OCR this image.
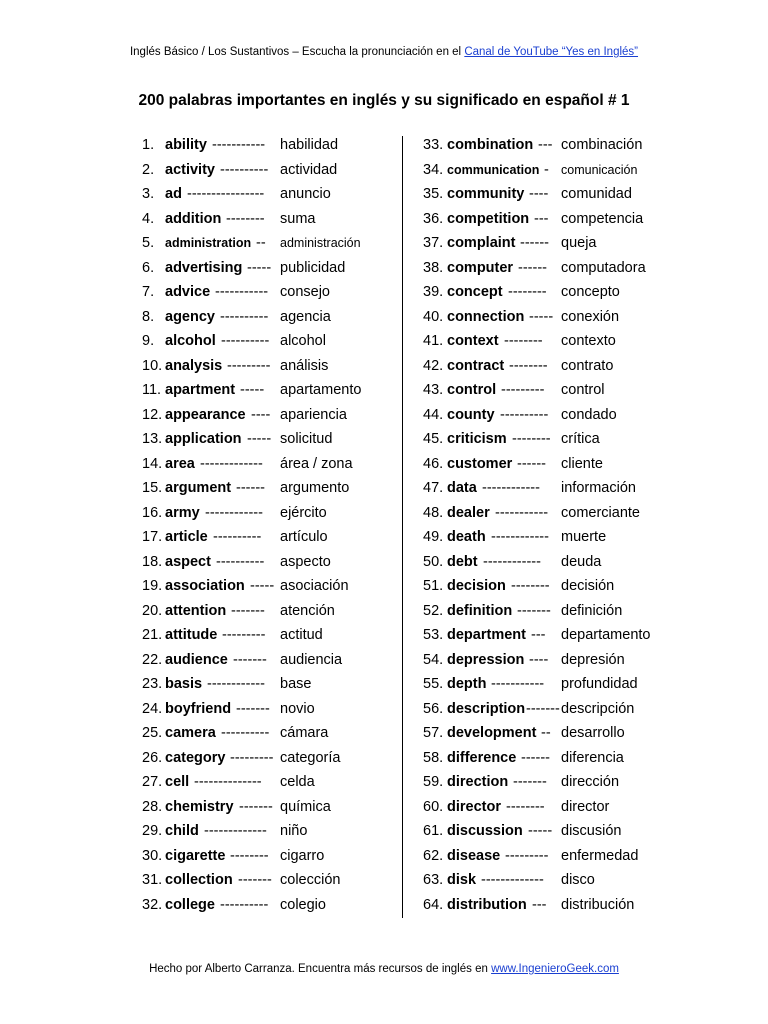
Inglés Básico / Los Sustantivos – Escucha la pronunciación en el Canal de YouTube “Yes en Inglés”
200 palabras importantes en inglés y su significado en español # 1
1. ability ----------- habilidad
2. activity ---------- actividad
3. ad ---------------- anuncio
4. addition -------- suma
5. administration -- administración
6. advertising ----- publicidad
7. advice ----------- consejo
8. agency ---------- agencia
9. alcohol ---------- alcohol
10. analysis --------- análisis
11. apartment ----- apartamento
12. appearance ---- apariencia
13. application ----- solicitud
14. area ------------- área / zona
15. argument ------ argumento
16. army ------------ ejército
17. article ---------- artículo
18. aspect ---------- aspecto
19. association ----- asociación
20. attention ------- atención
21. attitude --------- actitud
22. audience ------- audiencia
23. basis ------------ base
24. boyfriend ------- novio
25. camera ---------- cámara
26. category --------- categoría
27. cell -------------- celda
28. chemistry ------- química
29. child ------------- niño
30. cigarette -------- cigarro
31. collection ------- colección
32. college ---------- colegio
33. combination --- combinación
34. communication - comunicación
35. community ---- comunidad
36. competition --- competencia
37. complaint ------ queja
38. computer ------ computadora
39. concept -------- concepto
40. connection ----- conexión
41. context -------- contexto
42. contract -------- contrato
43. control --------- control
44. county ---------- condado
45. criticism -------- crítica
46. customer ------ cliente
47. data ------------ información
48. dealer ----------- comerciante
49. death ------------ muerte
50. debt ------------ deuda
51. decision -------- decisión
52. definition ------- definición
53. department --- departamento
54. depression ---- depresión
55. depth ----------- profundidad
56. description ------- descripción
57. development -- desarrollo
58. difference ------ diferencia
59. direction ------- dirección
60. director -------- director
61. discussion ----- discusión
62. disease --------- enfermedad
63. disk ------------- disco
64. distribution --- distribución
Hecho por Alberto Carranza. Encuentra más recursos de inglés en www.IngenieroGeek.com
